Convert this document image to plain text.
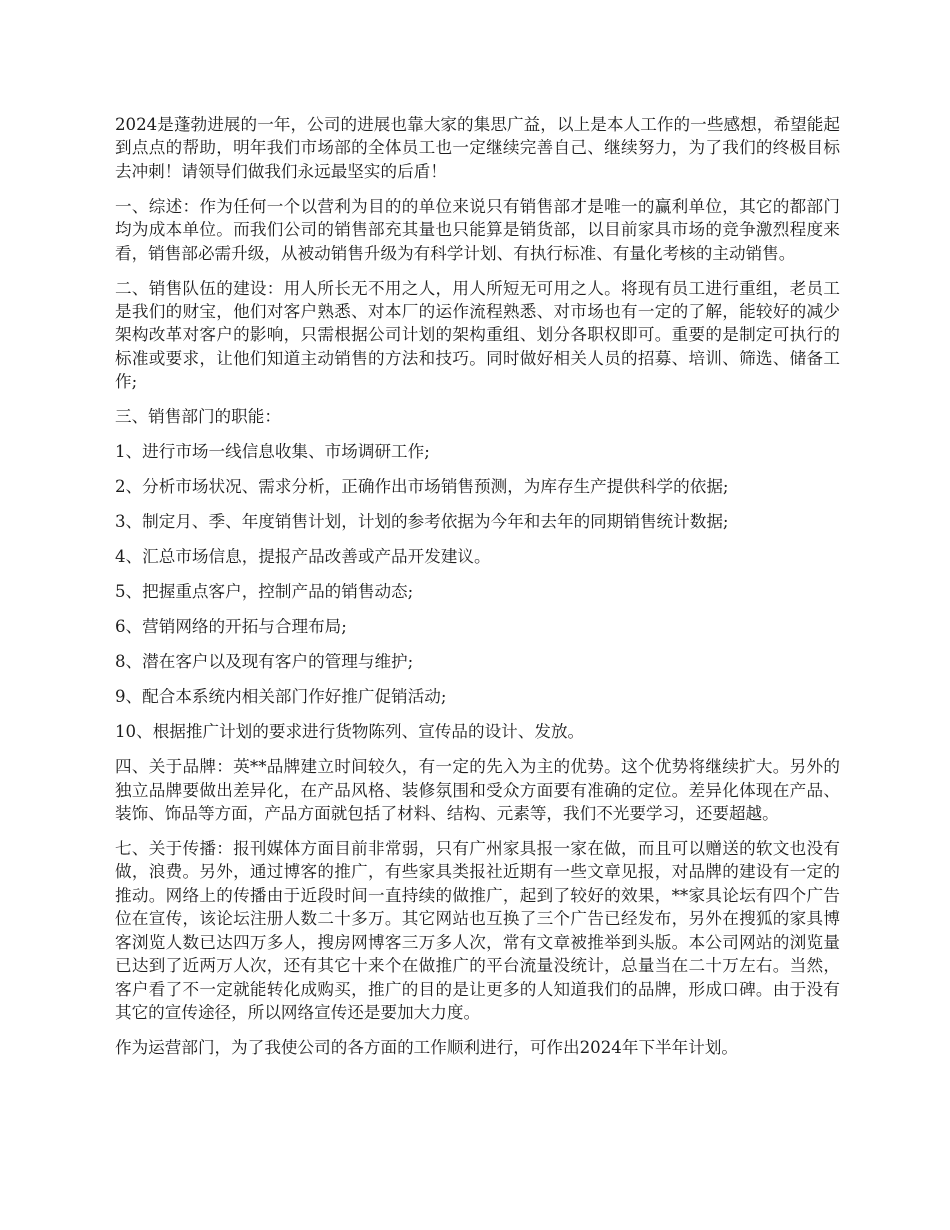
2024是蓬勃进展的一年，公司的进展也靠大家的集思广益，以上是本人工作的一些感想，希望能起到点点的帮助，明年我们市场部的全体员工也一定继续完善自己、继续努力，为了我们的终极目标去冲刺！请领导们做我们永远最坚实的后盾！

一、综述：作为任何一个以营利为目的的单位来说只有销售部才是唯一的赢利单位，其它的都部门均为成本单位。而我们公司的销售部充其量也只能算是销货部，以目前家具市场的竞争激烈程度来看，销售部必需升级，从被动销售升级为有科学计划、有执行标准、有量化考核的主动销售。

二、销售队伍的建设：用人所长无不用之人，用人所短无可用之人。将现有员工进行重组，老员工是我们的财宝，他们对客户熟悉、对本厂的运作流程熟悉、对市场也有一定的了解，能较好的减少架构改革对客户的影响，只需根据公司计划的架构重组、划分各职权即可。重要的是制定可执行的标准或要求，让他们知道主动销售的方法和技巧。同时做好相关人员的招募、培训、筛选、储备工作;

三、销售部门的职能：

1、进行市场一线信息收集、市场调研工作;

2、分析市场状况、需求分析，正确作出市场销售预测，为库存生产提供科学的依据;

3、制定月、季、年度销售计划，计划的参考依据为今年和去年的同期销售统计数据;

4、汇总市场信息，提报产品改善或产品开发建议。

5、把握重点客户，控制产品的销售动态;

6、营销网络的开拓与合理布局;

8、潜在客户以及现有客户的管理与维护;

9、配合本系统内相关部门作好推广促销活动;

10、根据推广计划的要求进行货物陈列、宣传品的设计、发放。

四、关于品牌：英**品牌建立时间较久，有一定的先入为主的优势。这个优势将继续扩大。另外的独立品牌要做出差异化，在产品风格、装修氛围和受众方面要有准确的定位。差异化体现在产品、装饰、饰品等方面，产品方面就包括了材料、结构、元素等，我们不光要学习，还要超越。

七、关于传播：报刊媒体方面目前非常弱，只有广州家具报一家在做，而且可以赠送的软文也没有做，浪费。另外，通过博客的推广，有些家具类报社近期有一些文章见报，对品牌的建设有一定的推动。网络上的传播由于近段时间一直持续的做推广，起到了较好的效果，**家具论坛有四个广告位在宣传，该论坛注册人数二十多万。其它网站也互换了三个广告已经发布，另外在搜狐的家具博客浏览人数已达四万多人，搜房网博客三万多人次，常有文章被推举到头版。本公司网站的浏览量已达到了近两万人次，还有其它十来个在做推广的平台流量没统计，总量当在二十万左右。当然，客户看了不一定就能转化成购买，推广的目的是让更多的人知道我们的品牌，形成口碑。由于没有其它的宣传途径，所以网络宣传还是要加大力度。

作为运营部门，为了我使公司的各方面的工作顺利进行，可作出2024年下半年计划。
